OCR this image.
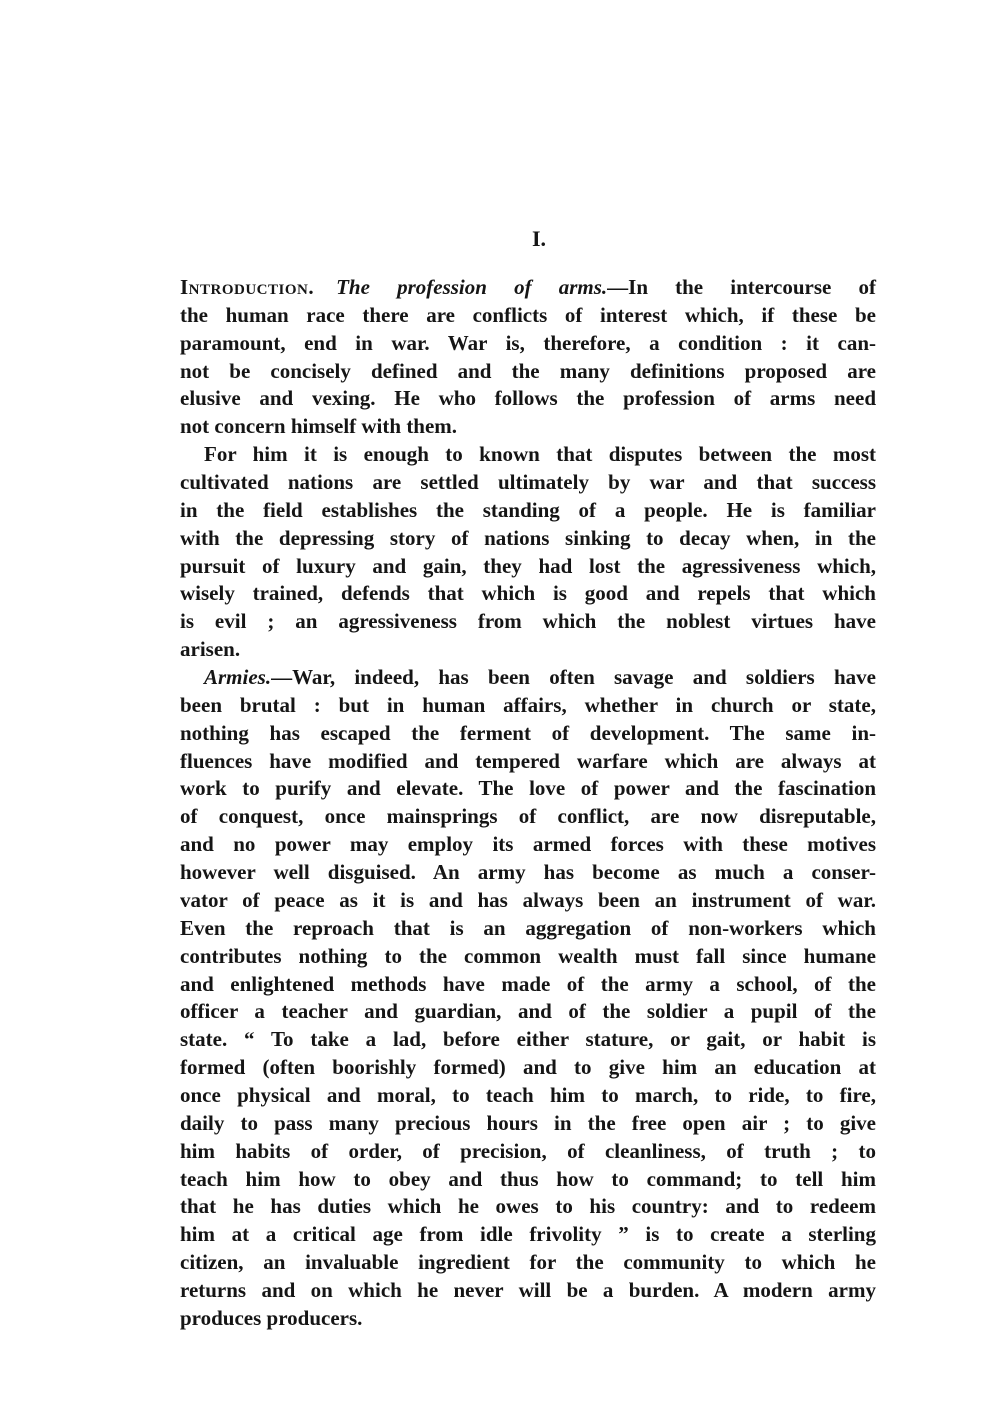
I.
Introduction. The profession of arms.—In the intercourse of
the human race there are conflicts of interest which, if these be
paramount, end in war. War is, therefore, a condition : it can-
not be concisely defined and the many definitions proposed are
elusive and vexing. He who follows the profession of arms need
not concern himself with them.
For him it is enough to known that disputes between the most
cultivated nations are settled ultimately by war and that success
in the field establishes the standing of a people. He is familiar
with the depressing story of nations sinking to decay when, in the
pursuit of luxury and gain, they had lost the agressiveness which,
wisely trained, defends that which is good and repels that which
is evil ; an agressiveness from which the noblest virtues have
arisen.
Armies.—War, indeed, has been often savage and soldiers have
been brutal : but in human affairs, whether in church or state,
nothing has escaped the ferment of development. The same in-
fluences have modified and tempered warfare which are always at
work to purify and elevate. The love of power and the fascination
of conquest, once mainsprings of conflict, are now disreputable,
and no power may employ its armed forces with these motives
however well disguised. An army has become as much a conser-
vator of peace as it is and has always been an instrument of war.
Even the reproach that is an aggregation of non-workers which
contributes nothing to the common wealth must fall since humane
and enlightened methods have made of the army a school, of the
officer a teacher and guardian, and of the soldier a pupil of the
state. “ To take a lad, before either stature, or gait, or habit is
formed (often boorishly formed) and to give him an education at
once physical and moral, to teach him to march, to ride, to fire,
daily to pass many precious hours in the free open air ; to give
him habits of order, of precision, of cleanliness, of truth ; to
teach him how to obey and thus how to command; to tell him
that he has duties which he owes to his country: and to redeem
him at a critical age from idle frivolity ” is to create a sterling
citizen, an invaluable ingredient for the community to which he
returns and on which he never will be a burden. A modern army
produces producers.
